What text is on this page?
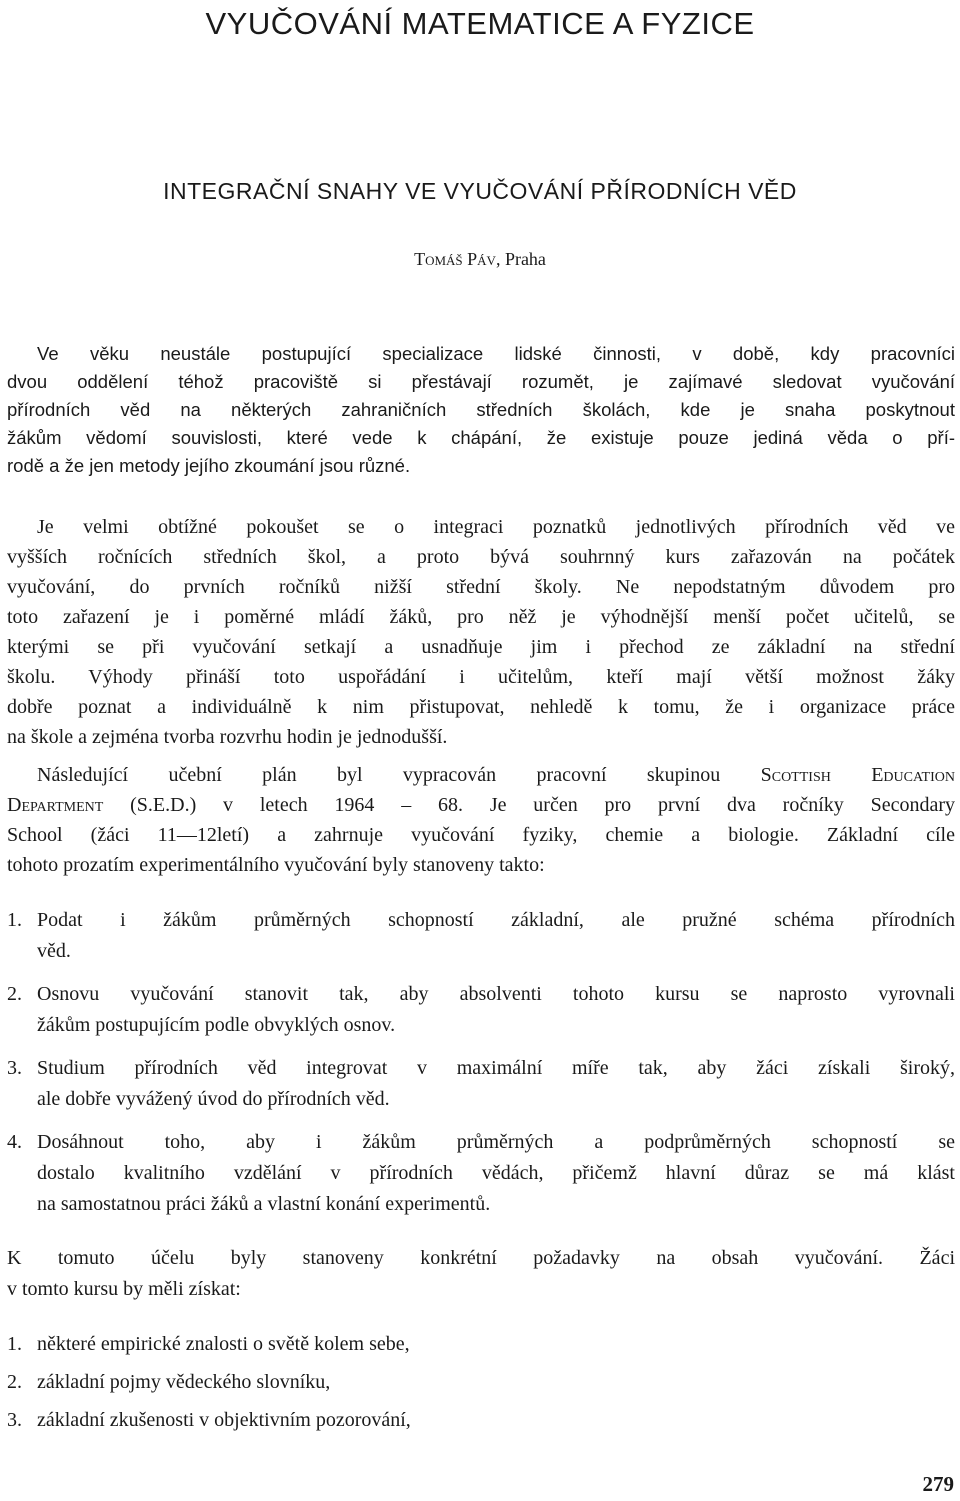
VYUČOVÁNÍ MATEMATICE A FYZICE
INTEGRAČNÍ SNAHY VE VYUČOVÁNÍ PŘÍRODNÍCH VĚD
Tomáš Páv, Praha
Ve věku neustále postupující specializace lidské činnosti, v době, kdy pracovníci
dvou oddělení téhož pracoviště si přestávají rozumět, je zajímavé sledovat vyučování
přírodních věd na některých zahraničních středních školách, kde je snaha poskytnout
žákům vědomí souvislosti, které vede k chápání, že existuje pouze jediná věda o pří-
rodě a že jen metody jejího zkoumání jsou různé.
Je velmi obtížné pokoušet se o integraci poznatků jednotlivých přírodních věd ve
vyšších ročnících středních škol, a proto bývá souhrnný kurs zařazován na počátek
vyučování, do prvních ročníků nižší střední školy. Ne nepodstatným důvodem pro
toto zařazení je i poměrné mládí žáků, pro něž je výhodnější menší počet učitelů, se
kterými se při vyučování setkají a usnadňuje jim i přechod ze základní na střední
školu. Výhody přináší toto uspořádání i učitelům, kteří mají větší možnost žáky
dobře poznat a individuálně k nim přistupovat, nehledě k tomu, že i organizace práce
na škole a zejména tvorba rozvrhu hodin je jednodušší.
Následující učební plán byl vypracován pracovní skupinou Scottish Education
Department (S.E.D.) v letech 1964 – 68. Je určen pro první dva ročníky Secondary
School (žáci 11—12letí) a zahrnuje vyučování fyziky, chemie a biologie. Základní cíle
tohoto prozatím experimentálního vyučování byly stanoveny takto:
1. Podat i žákům průměrných schopností základní, ale pružné schéma přírodních
věd.
2. Osnovu vyučování stanovit tak, aby absolventi tohoto kursu se naprosto vyrovnali
žákům postupujícím podle obvyklých osnov.
3. Studium přírodních věd integrovat v maximální míře tak, aby žáci získali široký,
ale dobře vyvážený úvod do přírodních věd.
4. Dosáhnout toho, aby i žákům průměrných a podprůměrných schopností se
dostalo kvalitního vzdělání v přírodních vědách, přičemž hlavní důraz se má klást
na samostatnou práci žáků a vlastní konání experimentů.
K tomuto účelu byly stanoveny konkrétní požadavky na obsah vyučování. Žáci
v tomto kursu by měli získat:
1. některé empirické znalosti o světě kolem sebe,
2. základní pojmy vědeckého slovníku,
3. základní zkušenosti v objektivním pozorování,
279
